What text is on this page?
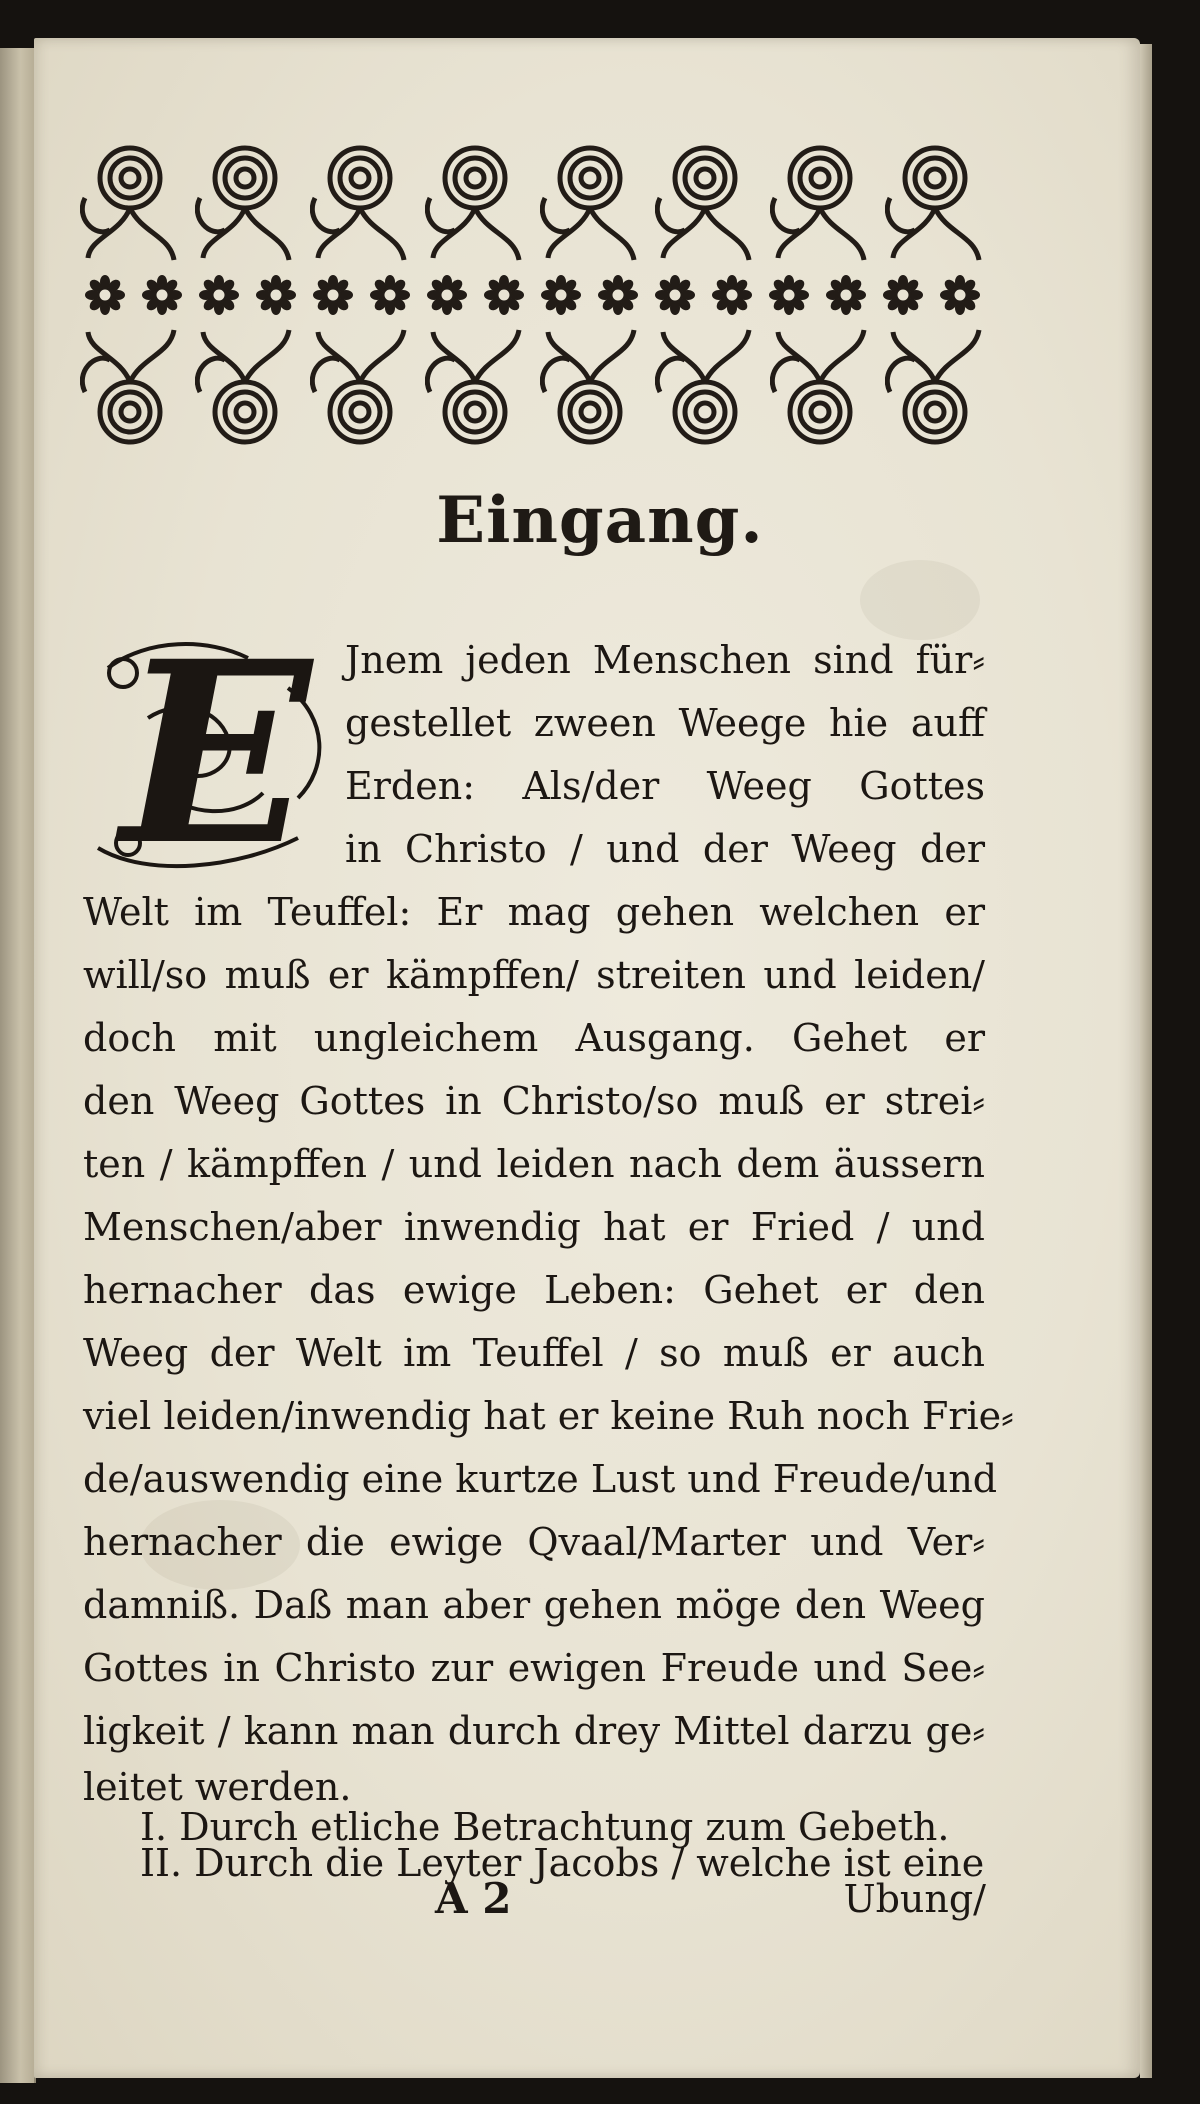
Eingang.
E Jnem jeden Menschen sind für⸗
gestellet zween Weege hie auff
Erden: Als/der Weeg Gottes
in Christo / und der Weeg der
Welt im Teuffel: Er mag gehen welchen er
will/so muß er kämpffen/ streiten und leiden/
doch mit ungleichem Ausgang. Gehet er
den Weeg Gottes in Christo/so muß er strei⸗
ten / kämpffen / und leiden nach dem äussern
Menschen/aber inwendig hat er Fried / und
hernacher das ewige Leben: Gehet er den
Weeg der Welt im Teuffel / so muß er auch
viel leiden/inwendig hat er keine Ruh noch Frie⸗
de/auswendig eine kurtze Lust und Freude/und
hernacher die ewige Qvaal/Marter und Ver⸗
damniß. Daß man aber gehen möge den Weeg
Gottes in Christo zur ewigen Freude und See⸗
ligkeit / kann man durch drey Mittel darzu ge⸗
leitet werden.
I. Durch etliche Betrachtung zum Gebeth.
A 2	Ubung/
II. Durch die Leyter Jacobs / welche ist eine
